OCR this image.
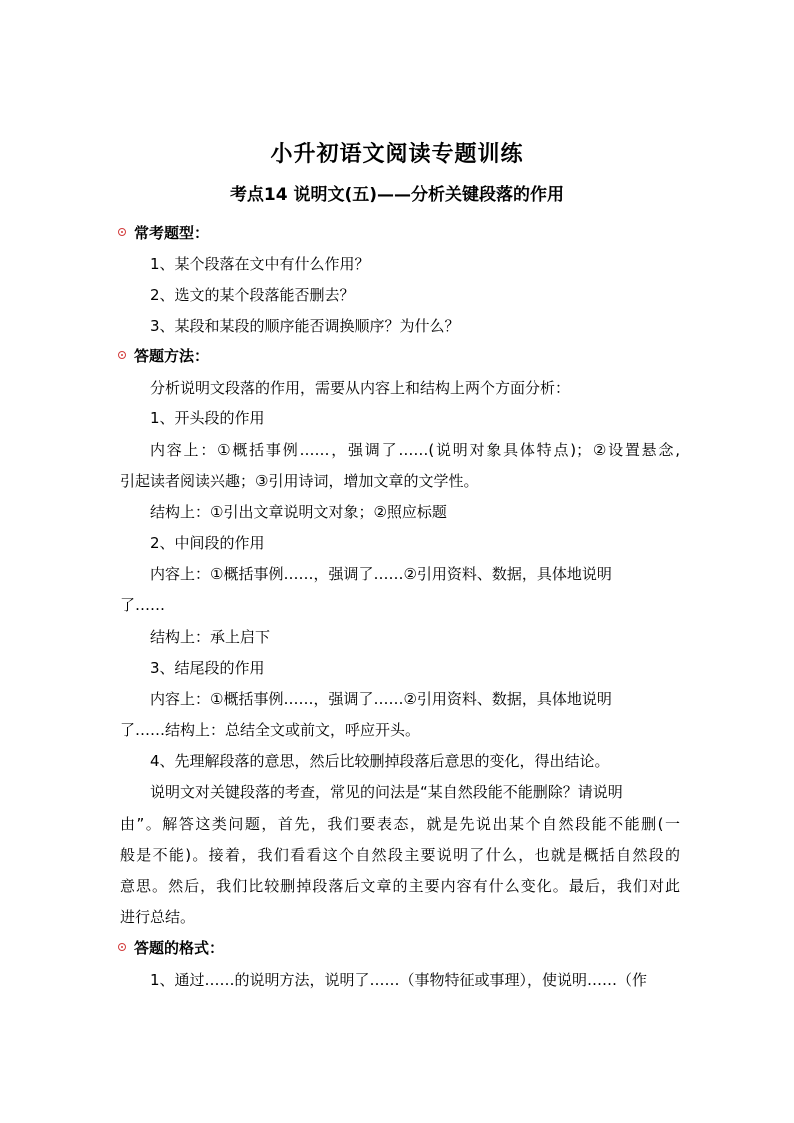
小升初语文阅读专题训练
考点14 说明文(五)——分析关键段落的作用
常考题型：
1、某个段落在文中有什么作用？
2、选文的某个段落能否删去？
3、某段和某段的顺序能否调换顺序？为什么？
答题方法：
分析说明文段落的作用，需要从内容上和结构上两个方面分析：
1、开头段的作用
内容上：①概括事例……，强调了……(说明对象具体特点)；②设置悬念,
引起读者阅读兴趣；③引用诗词，增加文章的文学性。
结构上：①引出文章说明文对象；②照应标题
2、中间段的作用
内容上：①概括事例……，强调了……②引用资料、数据，具体地说明
了……
结构上：承上启下
3、结尾段的作用
内容上：①概括事例……，强调了……②引用资料、数据，具体地说明
了……结构上：总结全文或前文，呼应开头。
4、先理解段落的意思，然后比较删掉段落后意思的变化，得出结论。
说明文对关键段落的考查，常见的问法是“某自然段能不能删除？请说明
由”。解答这类问题，首先，我们要表态，就是先说出某个自然段能不能删(一
般是不能)。接着，我们看看这个自然段主要说明了什么，也就是概括自然段的
意思。然后，我们比较删掉段落后文章的主要内容有什么变化。最后，我们对此
进行总结。
答题的格式：
1、通过……的说明方法，说明了……（事物特征或事理），使说明……（作
